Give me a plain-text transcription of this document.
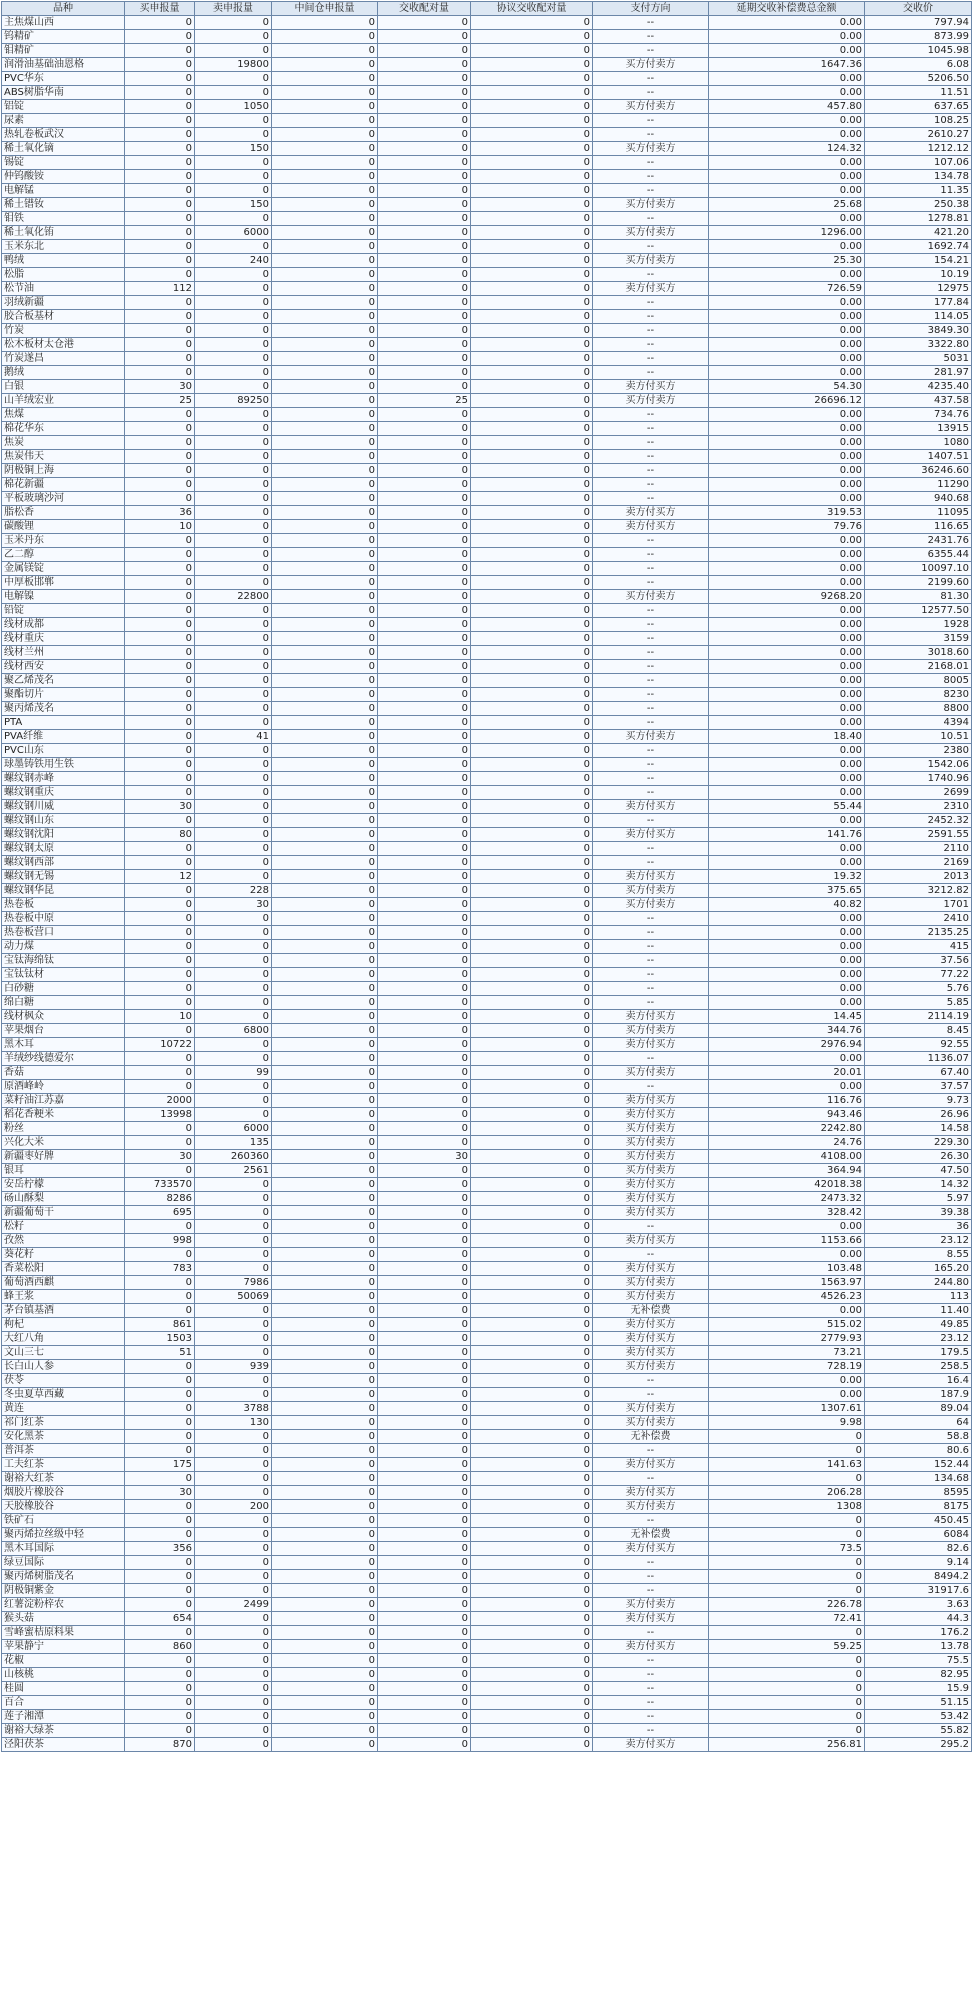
品种	买申报量	卖申报量	中间仓申报量	交收配对量	协议交收配对量	支付方向	延期交收补偿费总金额	交收价
主焦煤山西	0	0	0	0	0	--	0.00	797.94
钨精矿	0	0	0	0	0	--	0.00	873.99
钼精矿	0	0	0	0	0	--	0.00	1045.98
润滑油基础油恩格	0	19800	0	0	0	买方付卖方	1647.36	6.08
PVC华东	0	0	0	0	0	--	0.00	5206.50
ABS树脂华南	0	0	0	0	0	--	0.00	11.51
铝锭	0	1050	0	0	0	买方付卖方	457.80	637.65
尿素	0	0	0	0	0	--	0.00	108.25
热轧卷板武汉	0	0	0	0	0	--	0.00	2610.27
稀土氧化镝	0	150	0	0	0	买方付卖方	124.32	1212.12
锡锭	0	0	0	0	0	--	0.00	107.06
仲钨酸铵	0	0	0	0	0	--	0.00	134.78
电解锰	0	0	0	0	0	--	0.00	11.35
稀土镨钕	0	150	0	0	0	买方付卖方	25.68	250.38
钼铁	0	0	0	0	0	--	0.00	1278.81
稀土氧化铕	0	6000	0	0	0	买方付卖方	1296.00	421.20
玉米东北	0	0	0	0	0	--	0.00	1692.74
鸭绒	0	240	0	0	0	买方付卖方	25.30	154.21
松脂	0	0	0	0	0	--	0.00	10.19
松节油	112	0	0	0	0	卖方付买方	726.59	12975
羽绒新疆	0	0	0	0	0	--	0.00	177.84
胶合板基材	0	0	0	0	0	--	0.00	114.05
竹炭	0	0	0	0	0	--	0.00	3849.30
松木板材太仓港	0	0	0	0	0	--	0.00	3322.80
竹炭遂昌	0	0	0	0	0	--	0.00	5031
鹅绒	0	0	0	0	0	--	0.00	281.97
白银	30	0	0	0	0	卖方付买方	54.30	4235.40
山羊绒宏业	25	89250	0	25	0	买方付卖方	26696.12	437.58
焦煤	0	0	0	0	0	--	0.00	734.76
棉花华东	0	0	0	0	0	--	0.00	13915
焦炭	0	0	0	0	0	--	0.00	1080
焦炭伟天	0	0	0	0	0	--	0.00	1407.51
阴极铜上海	0	0	0	0	0	--	0.00	36246.60
棉花新疆	0	0	0	0	0	--	0.00	11290
平板玻璃沙河	0	0	0	0	0	--	0.00	940.68
脂松香	36	0	0	0	0	卖方付买方	319.53	11095
碳酸锂	10	0	0	0	0	卖方付买方	79.76	116.65
玉米丹东	0	0	0	0	0	--	0.00	2431.76
乙二醇	0	0	0	0	0	--	0.00	6355.44
金属镁锭	0	0	0	0	0	--	0.00	10097.10
中厚板邯郸	0	0	0	0	0	--	0.00	2199.60
电解镍	0	22800	0	0	0	买方付卖方	9268.20	81.30
铅锭	0	0	0	0	0	--	0.00	12577.50
线材成都	0	0	0	0	0	--	0.00	1928
线材重庆	0	0	0	0	0	--	0.00	3159
线材兰州	0	0	0	0	0	--	0.00	3018.60
线材西安	0	0	0	0	0	--	0.00	2168.01
聚乙烯茂名	0	0	0	0	0	--	0.00	8005
聚酯切片	0	0	0	0	0	--	0.00	8230
聚丙烯茂名	0	0	0	0	0	--	0.00	8800
PTA	0	0	0	0	0	--	0.00	4394
PVA纤维	0	41	0	0	0	买方付卖方	18.40	10.51
PVC山东	0	0	0	0	0	--	0.00	2380
球墨铸铁用生铁	0	0	0	0	0	--	0.00	1542.06
螺纹钢赤峰	0	0	0	0	0	--	0.00	1740.96
螺纹钢重庆	0	0	0	0	0	--	0.00	2699
螺纹钢川威	30	0	0	0	0	卖方付买方	55.44	2310
螺纹钢山东	0	0	0	0	0	--	0.00	2452.32
螺纹钢沈阳	80	0	0	0	0	卖方付买方	141.76	2591.55
螺纹钢太原	0	0	0	0	0	--	0.00	2110
螺纹钢西部	0	0	0	0	0	--	0.00	2169
螺纹钢无锡	12	0	0	0	0	卖方付买方	19.32	2013
螺纹钢华昆	0	228	0	0	0	买方付卖方	375.65	3212.82
热卷板	0	30	0	0	0	买方付卖方	40.82	1701
热卷板中原	0	0	0	0	0	--	0.00	2410
热卷板营口	0	0	0	0	0	--	0.00	2135.25
动力煤	0	0	0	0	0	--	0.00	415
宝钛海绵钛	0	0	0	0	0	--	0.00	37.56
宝钛钛材	0	0	0	0	0	--	0.00	77.22
白砂糖	0	0	0	0	0	--	0.00	5.76
绵白糖	0	0	0	0	0	--	0.00	5.85
线材枫众	10	0	0	0	0	卖方付买方	14.45	2114.19
苹果烟台	0	6800	0	0	0	买方付卖方	344.76	8.45
黑木耳	10722	0	0	0	0	卖方付买方	2976.94	92.55
羊绒纱线德爱尔	0	0	0	0	0	--	0.00	1136.07
香菇	0	99	0	0	0	买方付卖方	20.01	67.40
原酒峰岭	0	0	0	0	0	--	0.00	37.57
菜籽油江苏嘉	2000	0	0	0	0	卖方付买方	116.76	9.73
稻花香粳米	13998	0	0	0	0	卖方付买方	943.46	26.96
粉丝	0	6000	0	0	0	买方付卖方	2242.80	14.58
兴化大米	0	135	0	0	0	买方付卖方	24.76	229.30
新疆枣好牌	30	260360	0	30	0	买方付卖方	4108.00	26.30
银耳	0	2561	0	0	0	买方付卖方	364.94	47.50
安岳柠檬	733570	0	0	0	0	卖方付买方	42018.38	14.32
砀山酥梨	8286	0	0	0	0	卖方付买方	2473.32	5.97
新疆葡萄干	695	0	0	0	0	卖方付买方	328.42	39.38
松籽	0	0	0	0	0	--	0.00	36
孜然	998	0	0	0	0	卖方付买方	1153.66	23.12
葵花籽	0	0	0	0	0	--	0.00	8.55
香菜松阳	783	0	0	0	0	卖方付买方	103.48	165.20
葡萄酒西麒	0	7986	0	0	0	买方付卖方	1563.97	244.80
蜂王浆	0	50069	0	0	0	买方付卖方	4526.23	113
茅台镇基酒	0	0	0	0	0	无补偿费	0.00	11.40
枸杞	861	0	0	0	0	卖方付买方	515.02	49.85
大红八角	1503	0	0	0	0	卖方付买方	2779.93	23.12
文山三七	51	0	0	0	0	卖方付买方	73.21	179.5
长白山人参	0	939	0	0	0	买方付卖方	728.19	258.5
茯苓	0	0	0	0	0	--	0.00	16.4
冬虫夏草西藏	0	0	0	0	0	--	0.00	187.9
黄连	0	3788	0	0	0	买方付卖方	1307.61	89.04
祁门红茶	0	130	0	0	0	买方付卖方	9.98	64
安化黑茶	0	0	0	0	0	无补偿费	0	58.8
普洱茶	0	0	0	0	0	--	0	80.6
工夫红茶	175	0	0	0	0	卖方付买方	141.63	152.44
谢裕大红茶	0	0	0	0	0	--	0	134.68
烟胶片橡胶谷	30	0	0	0	0	卖方付买方	206.28	8595
天胶橡胶谷	0	200	0	0	0	买方付卖方	1308	8175
铁矿石	0	0	0	0	0	--	0	450.45
聚丙烯拉丝级中轻	0	0	0	0	0	无补偿费	0	6084
黑木耳国际	356	0	0	0	0	卖方付买方	73.5	82.6
绿豆国际	0	0	0	0	0	--	0	9.14
聚丙烯树脂茂名	0	0	0	0	0	--	0	8494.2
阴极铜紫金	0	0	0	0	0	--	0	31917.6
红薯淀粉梓农	0	2499	0	0	0	买方付卖方	226.78	3.63
猴头菇	654	0	0	0	0	卖方付买方	72.41	44.3
雪峰蜜桔原料果	0	0	0	0	0	--	0	176.2
苹果静宁	860	0	0	0	0	卖方付买方	59.25	13.78
花椒	0	0	0	0	0	--	0	75.5
山核桃	0	0	0	0	0	--	0	82.95
桂圆	0	0	0	0	0	--	0	15.9
百合	0	0	0	0	0	--	0	51.15
莲子湘潭	0	0	0	0	0	--	0	53.42
谢裕大绿茶	0	0	0	0	0	--	0	55.82
泾阳茯茶	870	0	0	0	0	卖方付买方	256.81	295.2
